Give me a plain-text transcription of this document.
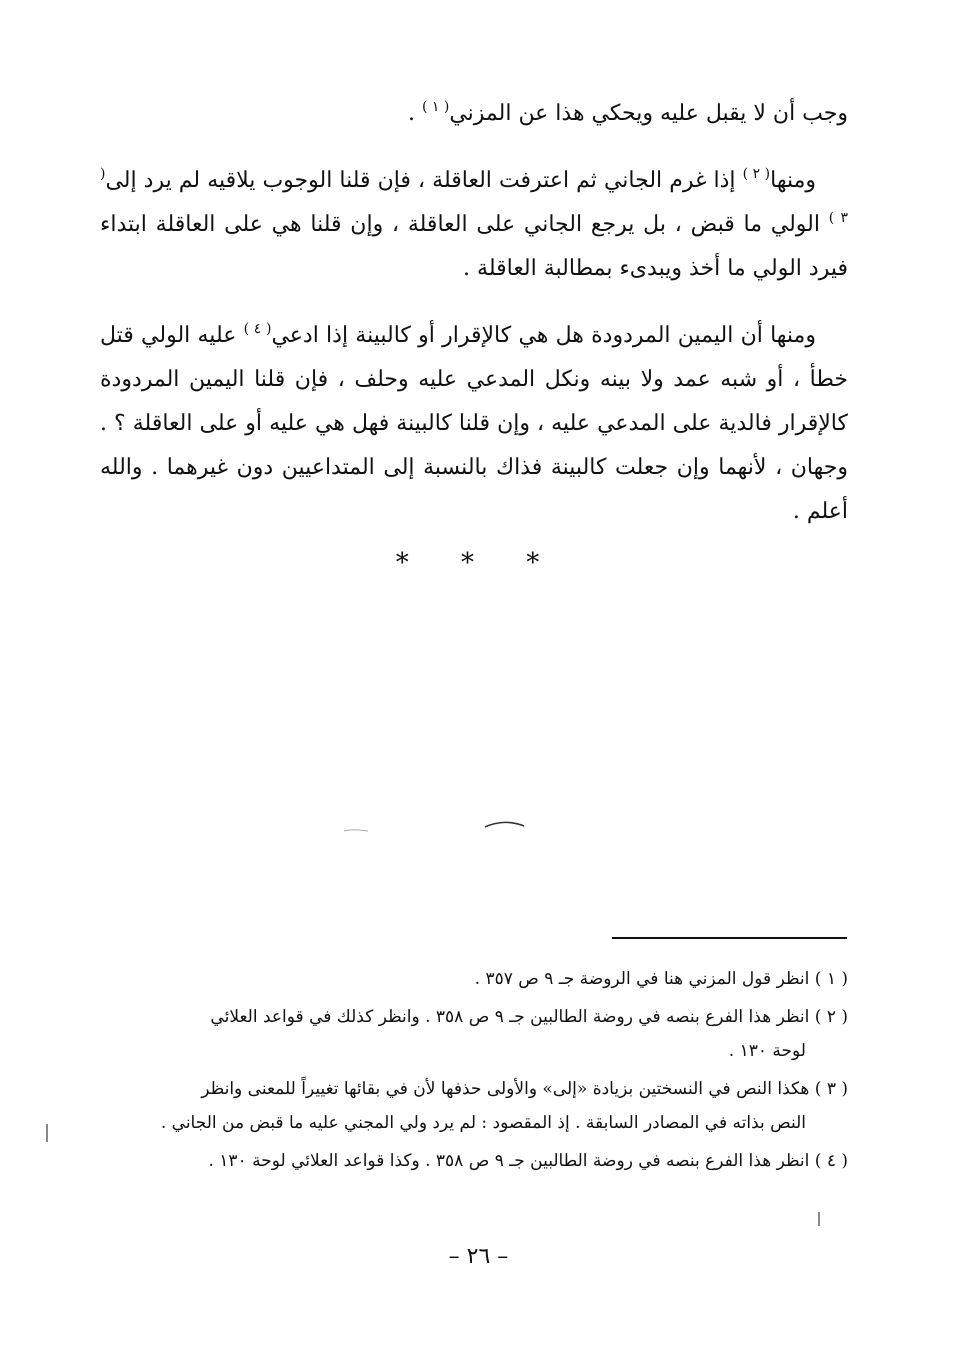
وجب أن لا يقبل عليه ويحكي هذا عن المزني$^{( ١ )}$ .

ومنها$^{( ٢ )}$ إذا غرم الجاني ثم اعترفت العاقلة ، فإن قلنا الوجوب يلاقيه لم يرد إلى$^{( ٣ )}$ الولي ما قبض ، بل يرجع الجاني على العاقلة ، وإن قلنا هي على العاقلة ابتداء فيرد الولي ما أخذ ويبدىء بمطالبة العاقلة .

ومنها أن اليمين المردودة هل هي كالإقرار أو كالبينة إذا ادعي$^{( ٤ )}$ عليه الولي قتل خطأ ، أو شبه عمد ولا بينه ونكل المدعي عليه وحلف ، فإن قلنا اليمين المردودة كالإقرار فالدية على المدعي عليه ، وإن قلنا كالبينة فهل هي عليه أو على العاقلة ؟ . وجهان ، لأنهما وإن جعلت كالبينة فذاك بالنسبة إلى المتداعيين دون غيرهما . والله أعلم .

* * *
( ١ ) انظر قول المزني هنا في الروضة جـ ٩ ص ٣٥٧ .
( ٢ ) انظر هذا الفرع بنصه في روضة الطالبين جـ ٩ ص ٣٥٨ . وانظر كذلك في قواعد العلائي
لوحة ١٣٠ .
( ٣ ) هكذا النص في النسختين بزيادة «إلى» والأولى حذفها لأن في بقائها تغييراً للمعنى وانظر
النص بذاته في المصادر السابقة . إذ المقصود : لم يرد ولي المجني عليه ما قبض من الجاني .
( ٤ ) انظر هذا الفرع بنصه في روضة الطالبين جـ ٩ ص ٣٥٨ . وكذا قواعد العلائي لوحة ١٣٠ .
– ٢٦ –
